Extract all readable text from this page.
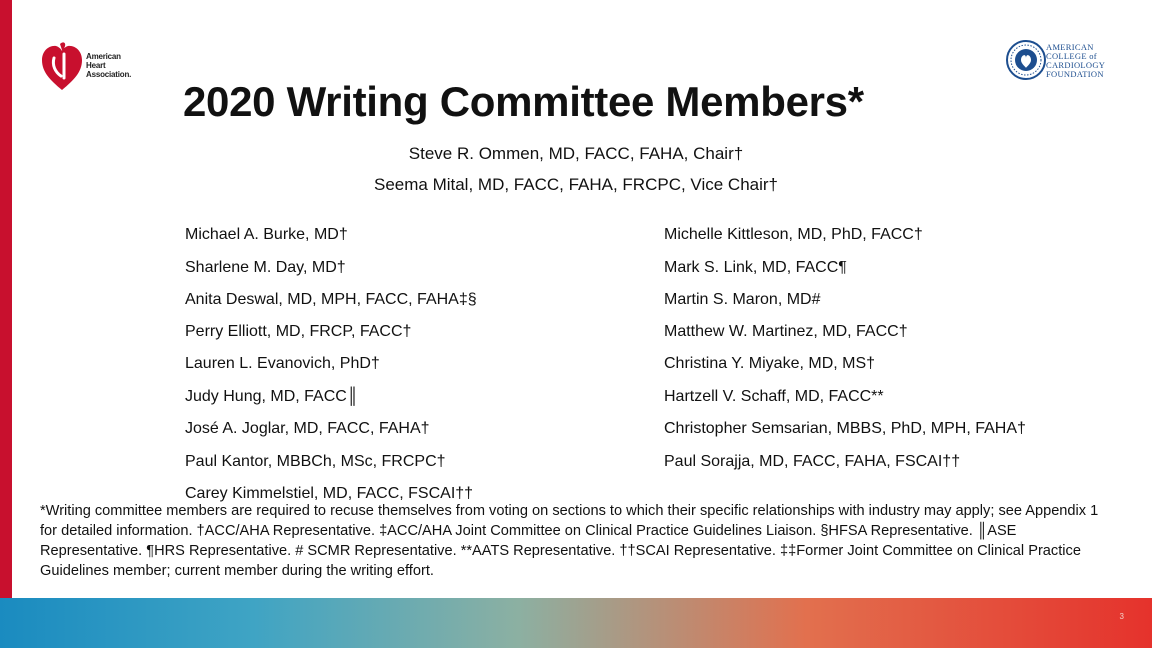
American
Heart
Association.
AMERICAN
COLLEGE of
CARDIOLOGY
FOUNDATION
2020 Writing Committee Members*
Steve R. Ommen, MD, FACC, FAHA, Chair†
Seema Mital, MD, FACC, FAHA, FRCPC, Vice Chair†
Michael A. Burke, MD†
Sharlene M. Day, MD†
Anita Deswal, MD, MPH, FACC, FAHA‡§
Perry Elliott, MD, FRCP, FACC†
Lauren L. Evanovich, PhD†
Judy Hung, MD, FACC║
José A. Joglar, MD, FACC, FAHA†
Paul Kantor, MBBCh, MSc, FRCPC†
Carey Kimmelstiel, MD, FACC, FSCAI††
Michelle Kittleson, MD, PhD, FACC†
Mark S. Link, MD, FACC¶
Martin S. Maron, MD#
Matthew W. Martinez, MD, FACC†
Christina Y. Miyake, MD, MS†
Hartzell V. Schaff, MD, FACC**
Christopher Semsarian, MBBS, PhD, MPH, FAHA†
Paul Sorajja, MD, FACC, FAHA, FSCAI††

*Writing committee members are required to recuse themselves from voting on sections to which their specific relationships with industry may apply; see Appendix 1 for detailed information. †ACC/AHA Representative. ‡ACC/AHA Joint Committee on Clinical Practice Guidelines Liaison. §HFSA Representative. ║ASE Representative. ¶HRS Representative. # SCMR Representative. **AATS Representative. ††SCAI Representative. ‡‡Former Joint Committee on Clinical Practice Guidelines member; current member during the writing effort.

3
